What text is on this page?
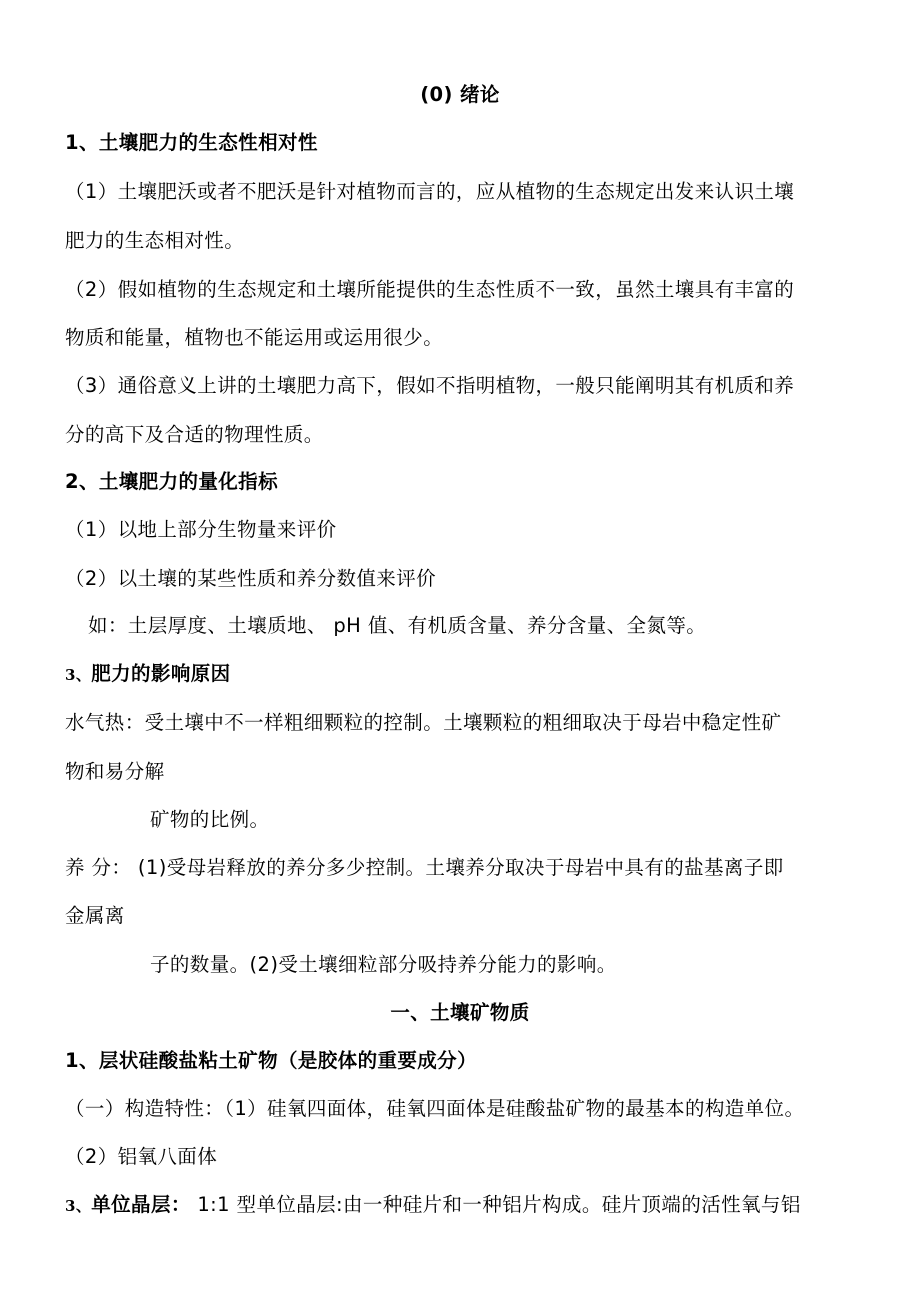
(0) 绪论
1、土壤肥力的生态性相对性
（1）土壤肥沃或者不肥沃是针对植物而言的，应从植物的生态规定出发来认识土壤
肥力的生态相对性。
（2）假如植物的生态规定和土壤所能提供的生态性质不一致，虽然土壤具有丰富的
物质和能量，植物也不能运用或运用很少。
（3）通俗意义上讲的土壤肥力高下，假如不指明植物，一般只能阐明其有机质和养
分的高下及合适的物理性质。
2、土壤肥力的量化指标
（1）以地上部分生物量来评价
（2）以土壤的某些性质和养分数值来评价
如：土层厚度、土壤质地、 pH 值、有机质含量、养分含量、全氮等。
3、肥力的影响原因
水气热：受土壤中不一样粗细颗粒的控制。土壤颗粒的粗细取决于母岩中稳定性矿
物和易分解
矿物的比例。
养 分： (1)受母岩释放的养分多少控制。土壤养分取决于母岩中具有的盐基离子即
金属离
子的数量。(2)受土壤细粒部分吸持养分能力的影响。
一、土壤矿物质
1、层状硅酸盐粘土矿物（是胶体的重要成分）
（一）构造特性：（1）硅氧四面体，硅氧四面体是硅酸盐矿物的最基本的构造单位。
（2）铝氧八面体
3、单位晶层： 1:1 型单位晶层:由一种硅片和一种铝片构成。硅片顶端的活性氧与铝
